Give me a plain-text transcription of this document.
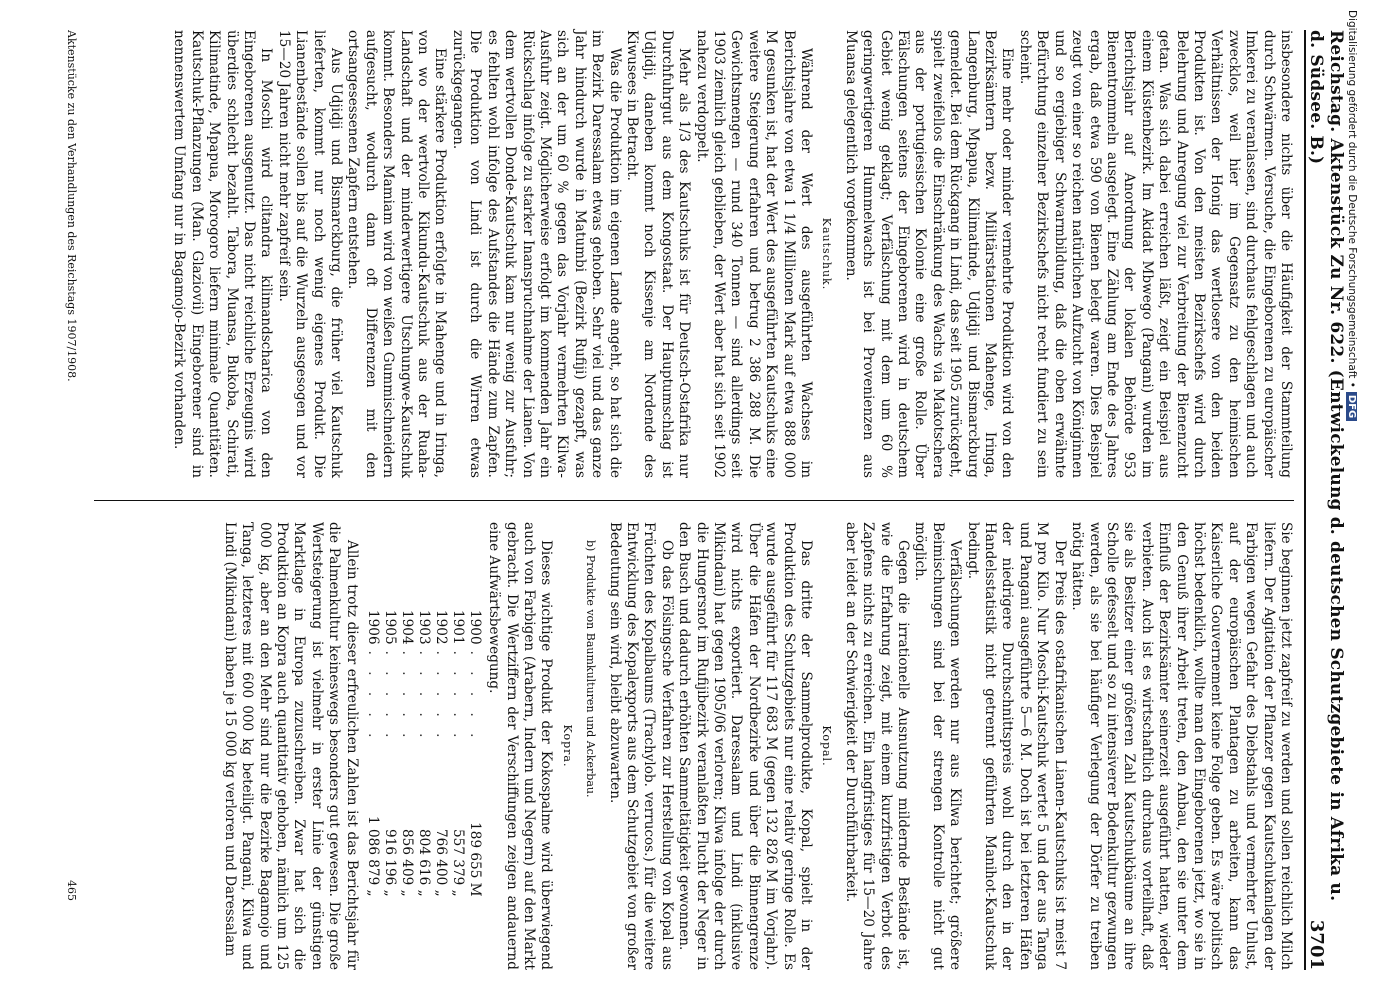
Reichstag. Aktenstück Zu Nr. 622. (Entwickelung d. deutschen Schutzgebiete in Afrika u. d. Südsee. B.)
3701

insbesondere nichts über die Häufigkeit der Stammteilung durch Schwärmen. Versuche, die Eingeborenen zu europäischer Imkerei zu veranlassen, sind durchaus fehlgeschlagen und auch zwecklos, weil hier im Gegensatz zu den heimischen Verhältnissen der Honig das wertlosere von den beiden Produkten ist. Von den meisten Bezirkschefs wird durch Belehrung und Anregung viel zur Verbreitung der Bienenzucht getan. Was sich dabei erreichen läßt, zeigt ein Beispiel aus einem Küstenbezirk. Im Akidat Mbwego (Pangani) wurden im Berichtsjahr auf Anordnung der lokalen Behörde 953 Bienentrommeln ausgelegt. Eine Zählung am Ende des Jahres ergab, daß etwa 590 von Bienen belegt waren. Dies Beispiel zeugt von einer so reichen natürlichen Aufzucht von Königinnen und so ergiebiger Schwarmbildung, daß die oben erwähnte Befürchtung einzelner Bezirkschefs nicht recht fundiert zu sein scheint.

Eine mehr oder minder vermehrte Produktion wird von den Bezirksämtern bezw. Militärstationen Mahenge, Iringa, Langenburg, Mpapua, Kilimatinde, Udjidji und Bismarckburg gemeldet. Bei dem Rückgang in Lindi, das seit 1905 zurückgeht, spielt zweifellos die Einschränkung des Wachs via Makotschera aus der portugiesischen Kolonie eine große Rolle. Über Fälschungen seitens der Eingeborenen wird in deutschem Gebiet wenig geklagt; Verfälschung mit dem um 60 % geringwertigeren Hummelwachs ist bei Provenienzen aus Muansa gelegentlich vorgekommen.

Kautschuk.

Während der Wert des ausgeführten Wachses im Berichtsjahre von etwa 1 1/4 Millionen Mark auf etwa 888 000 M gesunken ist, hat der Wert des ausgeführten Kautschuks eine weitere Steigerung erfahren und betrug 2 386 288 M. Die Gewichtsmengen — rund 340 Tonnen — sind allerdings seit 1903 ziemlich gleich geblieben, der Wert aber hat sich seit 1902 nahezu verdoppelt.

Mehr als 1/3 des Kautschuks ist für Deutsch-Ostafrika nur Durchfuhrgut aus dem Kongostaat. Der Hauptumschlag ist Udjidji, daneben kommt noch Kissenje am Nordende des Kiwusees in Betracht.

Was die Produktion im eigenen Lande angeht, so hat sich die im Bezirk Daressalam etwas gehoben. Sehr viel und das ganze Jahr hindurch wurde in Matumbi (Bezirk Rufiji) gezapft, was sich an der um 60 % gegen das Vorjahr vermehrten Kilwa-Ausfuhr zeigt. Möglicherweise erfolgt im kommenden Jahr ein Rückschlag infolge zu starker Inanspruchnahme der Lianen. Von dem wertvollen Donde-Kautschuk kam nur wenig zur Ausfuhr; es fehlten wohl infolge des Aufstandes die Hände zum Zapfen. Die Produktion von Lindi ist durch die Wirren etwas zurückgegangen.

Eine stärkere Produktion erfolgte in Mahenge und in Iringa, von wo der wertvolle Kikundu-Kautschuk aus der Ruaha-Landschaft und der minderwertigere Utschungwe-Kautschuk kommt. Besonders Mamiam wird von weißen Gummischneidern aufgesucht, wodurch dann oft Differenzen mit den ortsangesessenen Zapfern entstehen.

Aus Udjidji und Bismarckburg, die früher viel Kautschuk lieferten, kommt nur noch wenig eigenes Produkt. Die Lianenbestände sollen bis auf die Wurzeln ausgesogen und vor 15—20 Jahren nicht mehr zapfreif sein.

In Moschi wird clitandra kilimandscharica von den Eingeborenen ausgenutzt. Das nicht reichliche Erzeugnis wird überdies schlecht bezahlt. Tabora, Muansa, Bukoba, Schirati, Kilimatinde, Mpapua, Morogoro liefern minimale Quantitäten. Kautschuk-Pflanzungen (Man. Glaziovii) Eingeborener sind in nennenswertem Umfang nur in Bagamojo-Bezirk vorhanden.

Sie beginnen jetzt zapfreif zu werden und sollen reichlich Milch liefern. Der Agitation der Pflanzer gegen Kautschukanlagen der Farbigen wegen Gefahr des Diebstahls und vermehrter Unlust, auf der europäischen Plantagen zu arbeiten, kann das Kaiserliche Gouvernement keine Folge geben. Es wäre politisch höchst bedenklich, wollte man den Eingeborenen jetzt, wo sie in den Genuß ihrer Arbeit treten, den Anbau, den sie unter dem Einfluß der Bezirksämter seinerzeit ausgeführt hatten, wieder verbieten. Auch ist es wirtschaftlich durchaus vorteilhaft, daß sie als Besitzer einer größeren Zahl Kautschukbäume an ihre Scholle gefesselt und so zu intensiverer Bodenkultur gezwungen werden, als sie bei häufiger Verlegung der Dörfer zu treiben nötig hätten.

Der Preis des ostafrikanischen Lianen-Kautschuks ist meist 7 M pro Kilo. Nur Moschi-Kautschuk wertet 5 und der aus Tanga und Pangani ausgeführte 5—6 M. Doch ist bei letzteren Häfen der niedrigere Durchschnittspreis wohl durch den in der Handelsstatistik nicht getrennt geführten Manihot-Kautschuk bedingt.

Verfälschungen werden nur aus Kilwa berichtet; größere Beimischungen sind bei der strengen Kontrolle nicht gut möglich.

Gegen die irrationelle Ausnutzung mildernde Bestände ist, wie die Erfahrung zeigt, mit einem kurzfristigen Verbot des Zapfens nichts zu erreichen. Ein langfristiges für 15—20 Jahre aber leidet an der Schwierigkeit der Durchführbarkeit.

Kopal.

Das dritte der Sammelprodukte, Kopal, spielt in der Produktion des Schutzgebiets nur eine relativ geringe Rolle. Es wurde ausgeführt für 117 683 M (gegen 132 826 M im Vorjahr). Über die Häfen der Nordbezirke und über die Binnengrenze wird nichts exportiert. Daressalam und Lindi (inklusive Mikindani) hat gegen 1905/06 verloren; Kilwa infolge der durch die Hungersnot im Rufijibezirk veranlaßten Flucht der Neger in den Busch und dadurch erhöhten Sammeltätigkeit gewonnen.

Ob das Fölsingsche Verfahren zur Herstellung von Kopal aus Früchten des Kopalbaums (Trachylob. verrucos.) für die weitere Entwicklung des Kopalexports aus dem Schutzgebiet von großer Bedeutung sein wird, bleibt abzuwarten.

b) Produkte von Baumkulturen und Ackerbau.
Kopra.

Dieses wichtige Produkt der Kokospalme wird überwiegend auch von Farbigen (Arabern, Indern und Negern) auf den Markt gebracht. Die Wertziffern der Verschiffungen zeigen andauernd eine Aufwärtsbewegung.

1900	. . . . .	189 655 M
1901	. . . . .	557 379 „
1902	. . . . .	766 400 „
1903	. . . . .	804 616 „
1904	. . . . .	856 409 „
1905	. . . . .	916 196 „
1906	. . . . .	1 086 879 „

Allein trotz dieser erfreulichen Zahlen ist das Berichtsjahr für die Palmenkultur keineswegs besonders gut gewesen. Die große Wertsteigerung ist vielmehr in erster Linie der günstigen Marktlage in Europa zuzuschreiben. Zwar hat sich die Produktion an Kopra auch quantitativ gehoben, nämlich um 125 000 kg, aber an den Mehr sind nur die Bezirke Bagamojo und Tanga, letzteres mit 600 000 kg beteiligt. Pangani, Kilwa und Lindi (Mikindani) haben je 15 000 kg verloren und Daressalam

Aktenstücke zu den Verhandlungen des Reichstags 1907/1908.
465
Digitalisierung gefördert durch die Deutsche Forschungsgemeinschaft •DFG
